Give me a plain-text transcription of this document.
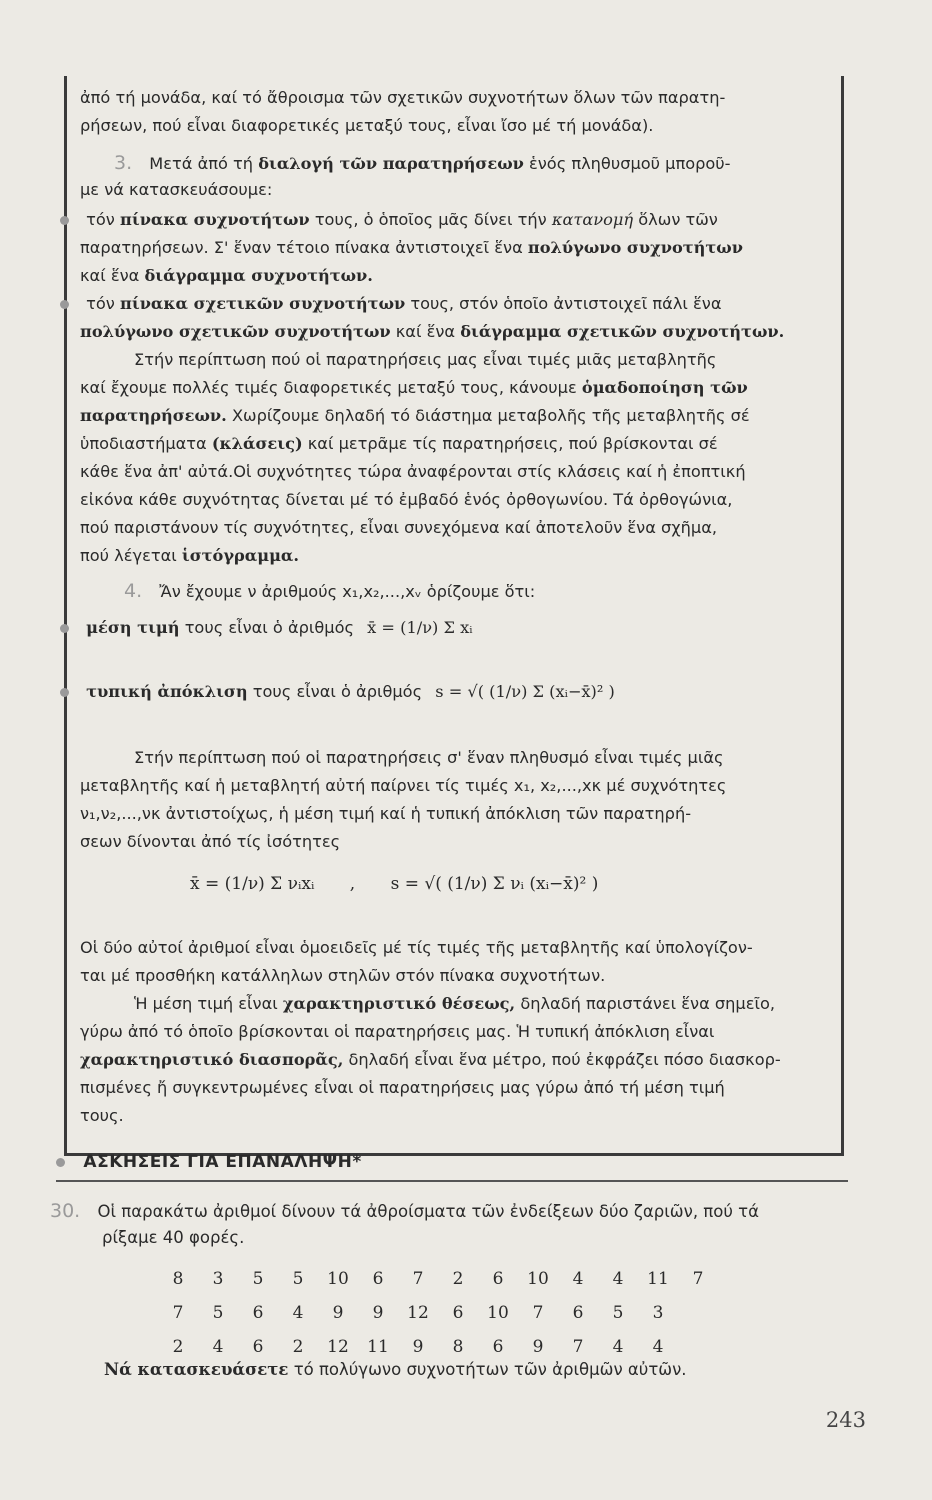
ἀπό τή μονάδα, καί τό ἄθροισμα τῶν σχετικῶν συχνοτήτων ὅλων τῶν παρατη-
ρήσεων, πού εἶναι διαφορετικές μεταξύ τους, εἶναι ἴσο μέ τή μονάδα).
3. Μετά ἀπό τή διαλογή τῶν παρατηρήσεων ἑνός πληθυσμοῦ μποροῦ-
με νά κατασκευάσουμε:
τόν πίνακα συχνοτήτων τους, ὁ ὁποῖος μᾶς δίνει τήν κατανομή ὅλων τῶν
παρατηρήσεων. Σ' ἕναν τέτοιο πίνακα ἀντιστοιχεῖ ἕνα πολύγωνο συχνοτήτων
καί ἕνα διάγραμμα συχνοτήτων.
τόν πίνακα σχετικῶν συχνοτήτων τους, στόν ὁποῖο ἀντιστοιχεῖ πάλι ἕνα
πολύγωνο σχετικῶν συχνοτήτων καί ἕνα διάγραμμα σχετικῶν συχνοτήτων.
Στήν περίπτωση πού οἱ παρατηρήσεις μας εἶναι τιμές μιᾶς μεταβλητῆς
καί ἔχουμε πολλές τιμές διαφορετικές μεταξύ τους, κάνουμε ὁμαδοποίηση τῶν
παρατηρήσεων. Χωρίζουμε δηλαδή τό διάστημα μεταβολῆς τῆς μεταβλητῆς σέ
ὑποδιαστήματα (κλάσεις) καί μετρᾶμε τίς παρατηρήσεις, πού βρίσκονται σέ
κάθε ἕνα ἀπ' αὐτά.Οἱ συχνότητες τώρα ἀναφέρονται στίς κλάσεις καί ἡ ἐποπτική
εἰκόνα κάθε συχνότητας δίνεται μέ τό ἐμβαδό ἑνός ὀρθογωνίου. Τά ὀρθογώνια,
πού παριστάνουν τίς συχνότητες, εἶναι συνεχόμενα καί ἀποτελοῦν ἕνα σχῆμα,
πού λέγεται ἱστόγραμμα.
4. Ἄν ἔχουμε ν ἀριθμούς x₁,x₂,...,xᵥ ὁρίζουμε ὅτι:
μέση τιμή τους εἶναι ὁ ἀριθμός x̄ = (1/ν) Σ xᵢ
τυπική ἀπόκλιση τους εἶναι ὁ ἀριθμός s = √( (1/ν) Σ (xᵢ−x̄)² )
Στήν περίπτωση πού οἱ παρατηρήσεις σ' ἕναν πληθυσμό εἶναι τιμές μιᾶς
μεταβλητῆς καί ἡ μεταβλητή αὐτή παίρνει τίς τιμές x₁, x₂,...,xκ μέ συχνότητες
ν₁,ν₂,...,νκ ἀντιστοίχως, ἡ μέση τιμή καί ἡ τυπική ἀπόκλιση τῶν παρατηρή-
σεων δίνονται ἀπό τίς ἰσότητες
x̄ = (1/ν) Σ νᵢxᵢ , s = √( (1/ν) Σ νᵢ (xᵢ−x̄)² )
Οἱ δύο αὐτοί ἀριθμοί εἶναι ὁμοειδεῖς μέ τίς τιμές τῆς μεταβλητῆς καί ὑπολογίζον-
ται μέ προσθήκη κατάλληλων στηλῶν στόν πίνακα συχνοτήτων.
Ἡ μέση τιμή εἶναι χαρακτηριστικό θέσεως, δηλαδή παριστάνει ἕνα σημεῖο,
γύρω ἀπό τό ὁποῖο βρίσκονται οἱ παρατηρήσεις μας. Ἡ τυπική ἀπόκλιση εἶναι
χαρακτηριστικό διασπορᾶς, δηλαδή εἶναι ἕνα μέτρο, πού ἐκφράζει πόσο διασκορ-
πισμένες ἤ συγκεντρωμένες εἶναι οἱ παρατηρήσεις μας γύρω ἀπό τή μέση τιμή
τους.
ΑΣΚΗΣΕΙΣ ΓΙΑ ΕΠΑΝΑΛΗΨΗ*
30. Οἱ παρακάτω ἀριθμοί δίνουν τά ἀθροίσματα τῶν ἐνδείξεων δύο ζαριῶν, πού τά
ρίξαμε 40 φορές.
8	3	5	5	10	6	7	2	6	10	4	4	11	7
7	5	6	4	9	9	12	6	10	7	6	5	3
2	4	6	2	12	11	9	8	6	9	7	4	4
Νά κατασκευάσετε τό πολύγωνο συχνοτήτων τῶν ἀριθμῶν αὐτῶν.
243
